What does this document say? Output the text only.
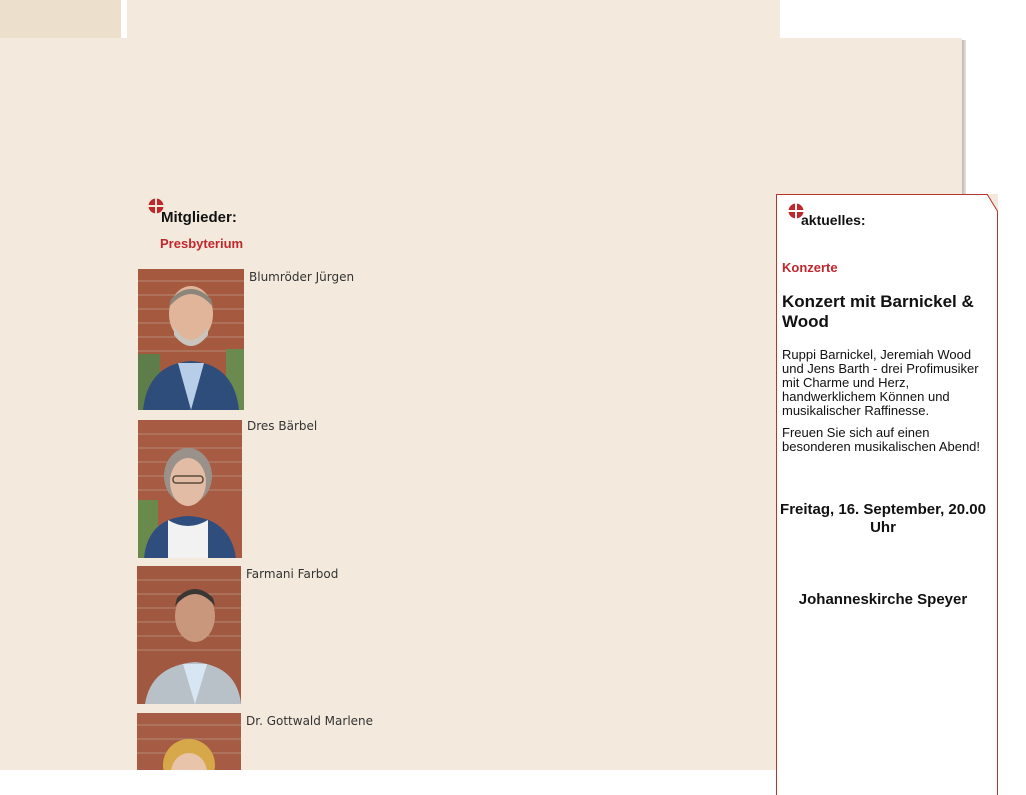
Mitglieder:
Presbyterium
Blumröder Jürgen
Dres Bärbel
Farmani Farbod
Dr. Gottwald Marlene
aktuelles:
Konzerte
Konzert mit Barnickel & Wood
Ruppi Barnickel, Jeremiah Wood und Jens Barth - drei Profimusiker mit Charme und Herz, handwerklichem Können und musikalischer Raffinesse.
Freuen Sie sich auf einen besonderen musikalischen Abend!
Freitag, 16. September, 20.00 Uhr
Johanneskirche Speyer
